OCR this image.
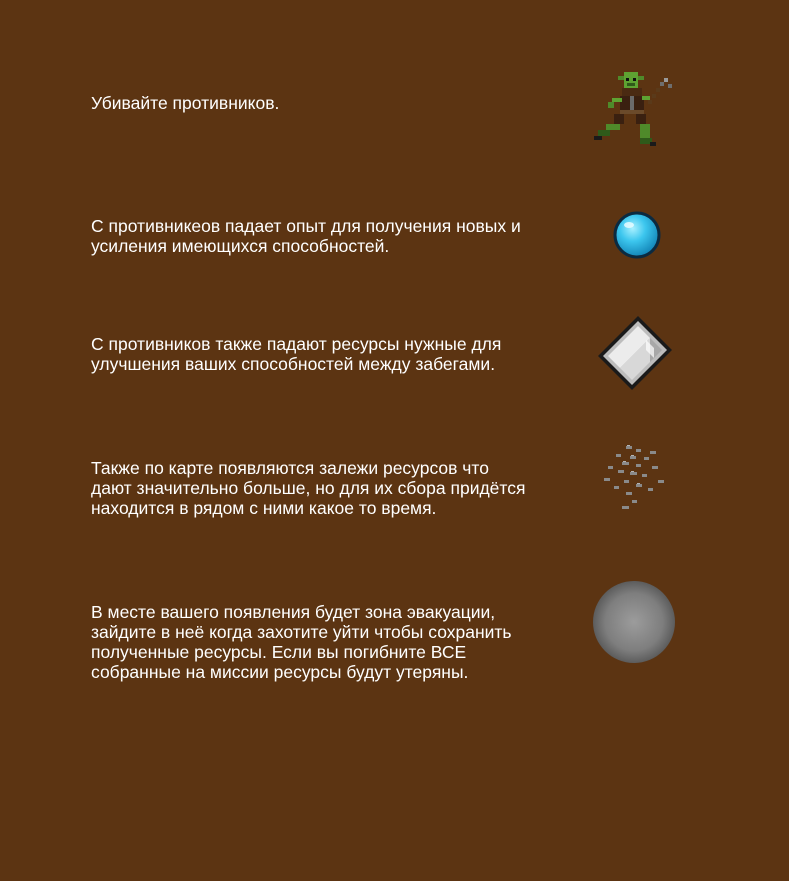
Убивайте противников.
С противникеов падает опыт для получения новых и
усиления имеющихся способностей.
С противников также падают ресурсы нужные для
улучшения ваших способностей между забегами.
Также по карте появляются залежи ресурсов что
дают значительно больше, но для их сбора придётся
находится в рядом с ними какое то время.
В месте вашего появления будет зона эвакуации,
зайдите в неё когда захотите уйти чтобы сохранить
полученные ресурсы. Если вы погибните ВСЕ
собранные на миссии ресурсы будут утеряны.
